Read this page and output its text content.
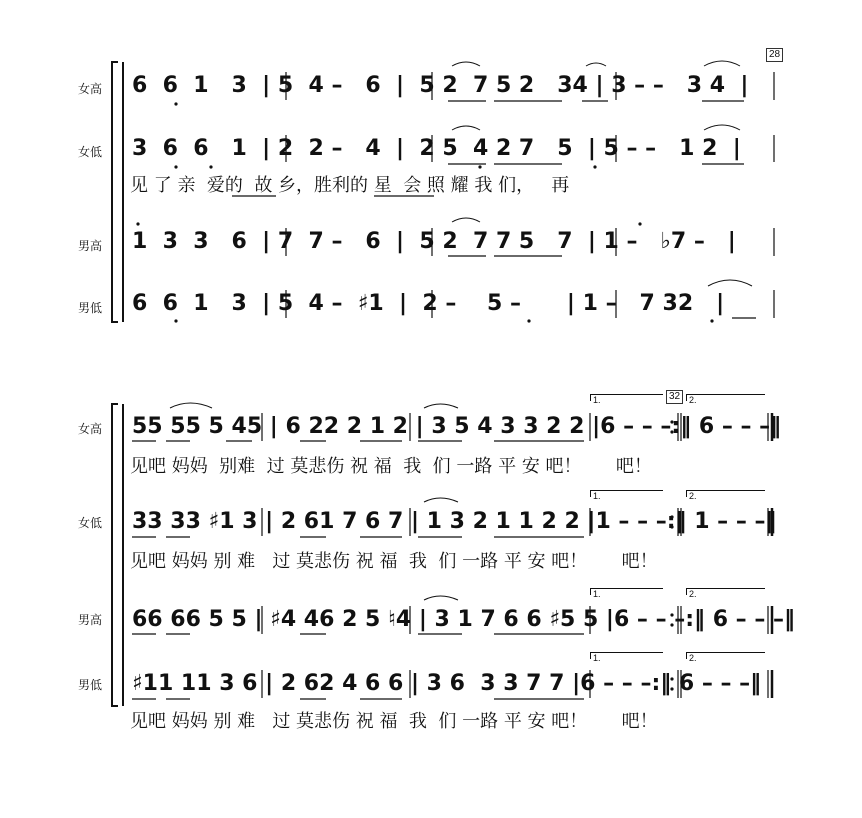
28
女高
女低
男高
男低
6  6  1   3  | 5  4 –   6  |  5 2  7 5 2   34 | 3 – –   3 4  |
3  6  6   1  | 2  2 –   4  |  2 5  4 2 7   5  | 5 – –   1 2  |
见 了 亲  爱的  故 乡，胜利的 星  会 照 耀 我 们，   再
1  3  3   6  | 7  7 –   6  |  5 2  7 7 5   7  | 1 –   ♭7 –   |
6  6  1   3  | 5  4 –  ♯1  |  2 –    5 –      | 1 –   7 32   |
32
女高
女低
男高
男低
1.	2.
1.	2.
1.	2.
1.	2.
55 55 5 45 | 6 22 2 1 2 | 3 5 4 3 3 2 2 |6 – – –:‖ 6 – – –‖
见吧 妈妈  别难  过 莫悲伤 祝 福  我  们 一路 平 安 吧！      吧！
33 33 ♯1 3 | 2 61 7 6 7 | 1 3 2 1 1 2 2 |1 – – –:‖ 1 – – –‖
见吧 妈妈 别 难   过 莫悲伤 祝 福  我  们 一路 平 安 吧！      吧！
66 66 5 5 | ♯4 46 2 5 ♮4 | 3 1 7 6 6 ♯5 5 |6 – – –:‖ 6 – – –‖
♯11 11 3 6 | 2 62 4 6 6 | 3 6  3 3 7 7 |6 – – –:‖ 6 – – –‖
见吧 妈妈 别 难   过 莫悲伤 祝 福  我  们 一路 平 安 吧！      吧！
